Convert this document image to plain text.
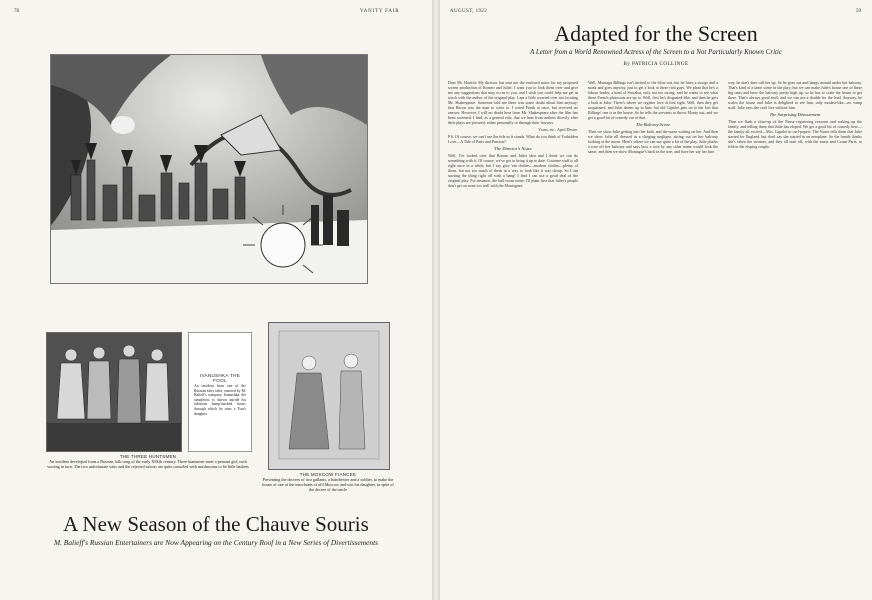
78	VANITY FAIR
IVANUSHKA THE FOOL
An incident from one of the Russian fairy tales, enacted by M. Balieff's company. Ivanushka, the simpleton, is shown astride his fabulous hump-backed horse, through which he wins a Tsar's daughter
THE THREE HUNTSMEN
An incident developed from a Russian folk song of the early XIXth century. Three huntsmen meet a peasant girl, each wooing in turn. The two unfortunate wins and the rejected suitors are quite consoled with mushrooms to be little baskets
THE MOSCOW FIANCEE
Presenting the decrees of two gallants, a hairdresser and a soldier, to make the house of one of the merchants of old Moscow and win his daughter, in spite of the decree of the uncle
A New Season of the Chauve Souris
M. Balieff's Russian Entertainers are Now Appearing on the Century Roof in a New Series of Divertissements
AUGUST, 1922	59
Adapted for the Screen
A Letter from a World Renowned Actress of the Screen to a Not Particularly Known Critic
By PATRICIA COLLINGE
Dear Mr. Hackitt: My director has sent me the enclosed notes for my proposed screen production of Romeo and Juliet. I want you to look them over and give me any suggestions that may occur to you, and I wish you could help me get in touch with the author of the original play. I am a little worried over not locating Mr. Shakespeare. Someone told me there was some doubt about him anyway; that Bacon was the man to write to. I wired Frank at once, but received no answer. However, I will no doubt hear from Mr. Shakespeare after the film has been screened. I find, as a general rule, that we hear from authors directly after their plays are pictured, either personally or through their lawyers.
Yours, etc., April Desire.
P.S. Of course, we can't use the title as it stands. What do you think of Forbidden Love—A Tale of Paris and Passion?
The Director's Notes
Well, I've looked over that Romeo and Juliet idea and I think we can do something with it. Of course, we've got to bring it up to date. Costume stuff is all right once in a while, but I say give 'em clothes—modern clothes—plenty of them, but not too much of them in a way to look like it was cheap. So I am starting the thing right off with a bang! I find I can use a good deal of the original play. For instance, the ball-room scene. I'll plant first that Juliet's people don't get on none too well with the Montagues.
Well, Montagu Billings isn't invited to the blow-out, but he hires a stooge and a mask and goes anyway, just to get a look at these rich guys. We plant that he's a labour leader, a kind of Socialist, only not too strong, and he wants to see what these French plutocrats are up to. Well, first he's disgusted-like, and then he gets a look at Julie. There's where we register love at first sight. Well, then they get acquainted, and Julie shines up to him; but old Capulet gets on to the fact that Billings' one is in the house. So he tells the servants to throw Monty out, and we get a good bit of comedy out of that.
The Balcony Scene
Then we show Julie getting into her bath, and the nurse waiting on her. And then we show Julie all dressed in a clinging negligee, sitting out on her balcony looking at the moon. Here's where we can use quite a bit of the play. Julie plucks a rose off her balcony and says how a rose by any other name would look the same; and then we show Montague's back in the tree, and have her say her line.
way, he don't dare call her up. So he goes out and hangs around under her balcony. That's kind of a tame scene in the play; but we can make Julie's house one of these big ones and have the balcony pretty high up, so he has to scale the house to get there. That's always good stuff, and we can use a double for the lead. Anyway, he scales the house and Julie is delighted to see him, only modest-like—no vamp stuff. Julie says she can't live without him.
The Surprising Dénouement
Then we flash a close-up of the Nurse registering remorse and waking up the family, and telling them that Julie has eloped. We get a good bit of comedy here—the family all excited—Mrs. Capulet in curl-papers. The Nurse tells them that Julie started for England, but don't say she started in an aeroplane. So the family thinks she's taken the steamer, and they all start off, with the nurse and Count Paris, to follow the eloping couple.
